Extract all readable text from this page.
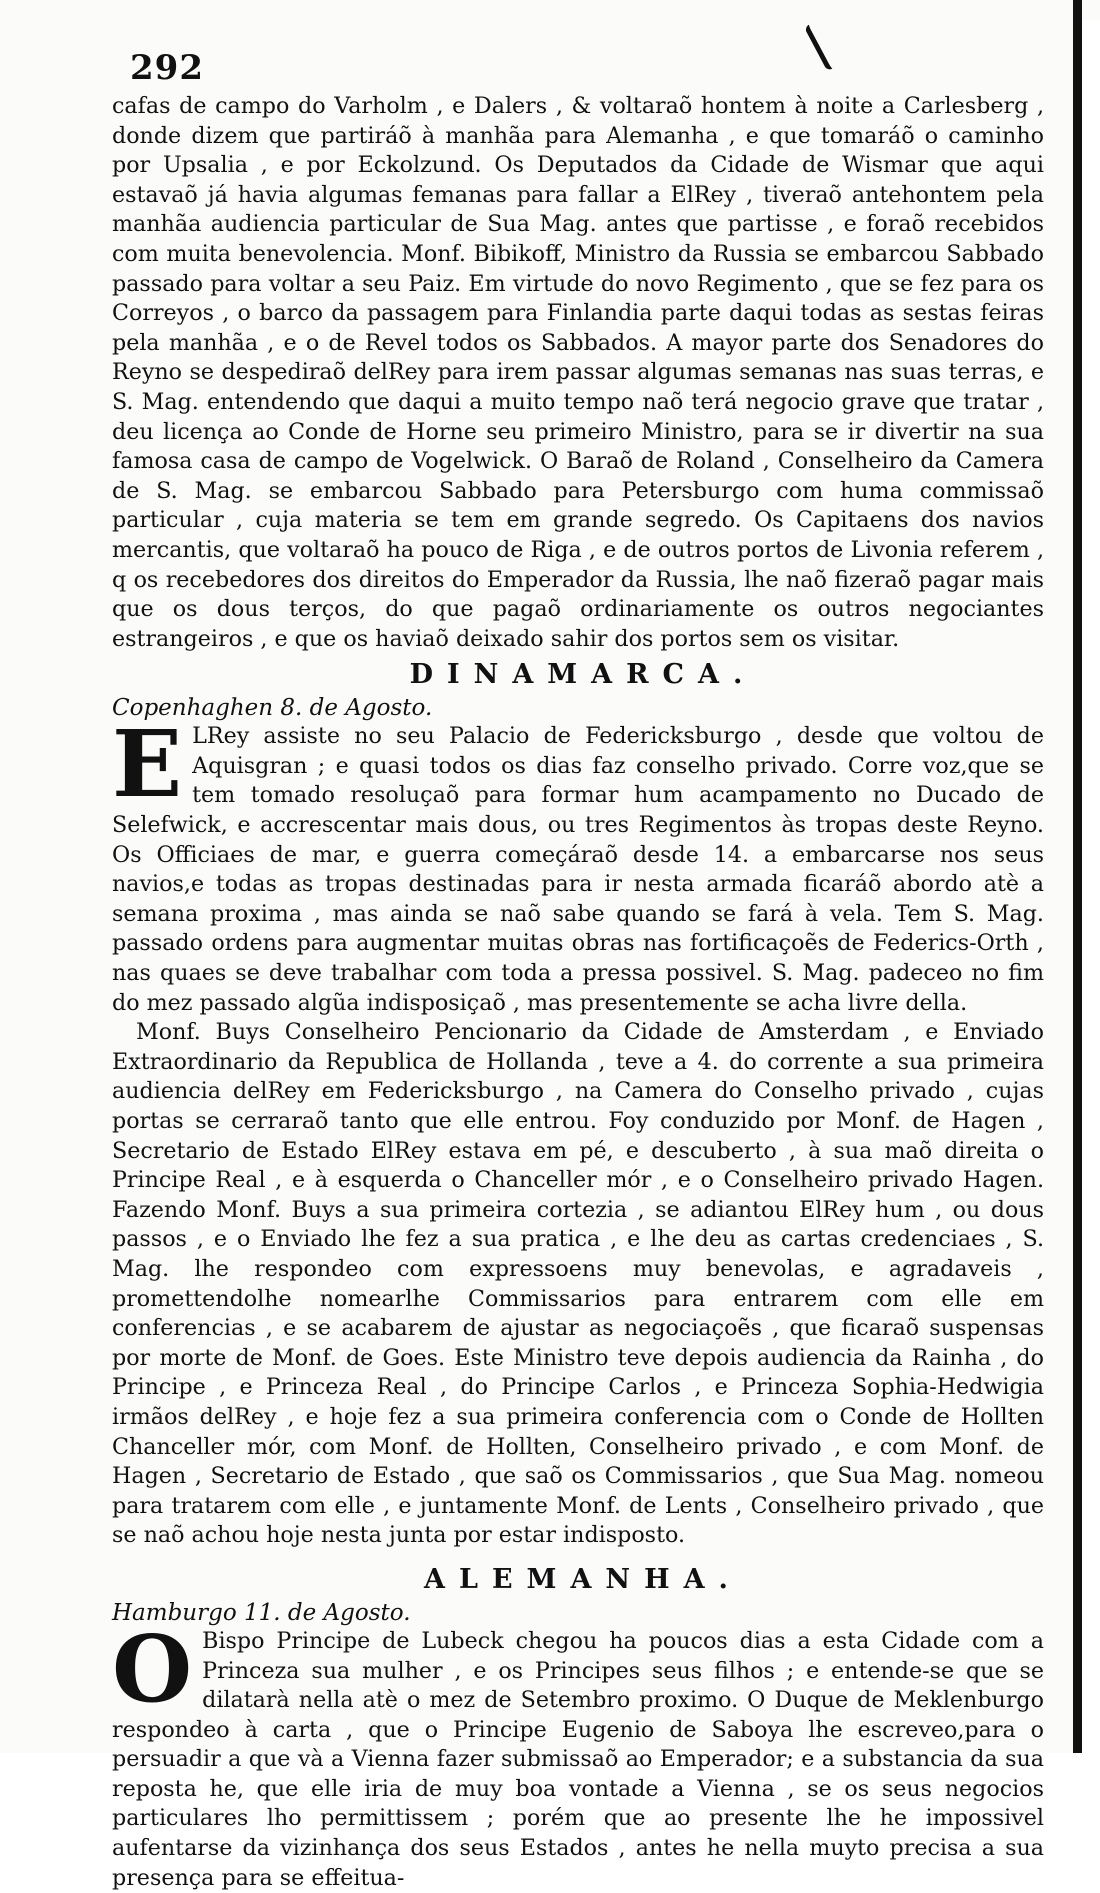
292

cafas de campo do Varholm , e Dalers , & voltaraõ hontem à noite a Carlesberg , donde dizem que partiráõ à manhãa para Alemanha , e que tomaráõ o caminho por Upsalia , e por Eckolzund. Os Deputados da Cidade de Wismar que aqui estavaõ já havia algumas femanas para fallar a ElRey , tiveraõ antehontem pela manhãa audiencia particular de Sua Mag. antes que partisse , e foraõ recebidos com muita benevolencia. Monf. Bibikoff, Ministro da Russia se embarcou Sabbado passado para voltar a seu Paiz. Em virtude do novo Regimento , que se fez para os Correyos , o barco da passagem para Finlandia parte daqui todas as sestas feiras pela manhãa , e o de Revel todos os Sabbados. A mayor parte dos Senadores do Reyno se despediraõ delRey para irem passar algumas semanas nas suas terras, e S. Mag. entendendo que daqui a muito tempo naõ terá negocio grave que tratar , deu licença ao Conde de Horne seu primeiro Ministro, para se ir divertir na sua famosa casa de campo de Vogelwick. O Baraõ de Roland , Conselheiro da Camera de S. Mag. se embarcou Sabbado para Petersburgo com huma commissaõ particular , cuja materia se tem em grande segredo. Os Capitaens dos navios mercantis, que voltaraõ ha pouco de Riga , e de outros portos de Livonia referem , q os recebedores dos direitos do Emperador da Russia, lhe naõ fizeraõ pagar mais que os dous terços, do que pagaõ ordinariamente os outros negociantes estrangeiros , e que os haviaõ deixado sahir dos portos sem os visitar.

DINAMARCA.

Copenhaghen 8. de Agosto.

E LRey assiste no seu Palacio de Federicksburgo , desde que voltou de Aquisgran ; e quasi todos os dias faz conselho privado. Corre voz,que se tem tomado resoluçaõ para formar hum acampamento no Ducado de Selefwick, e accrescentar mais dous, ou tres Regimentos às tropas deste Reyno. Os Officiaes de mar, e guerra começáraõ desde 14. a embarcarse nos seus navios,e todas as tropas destinadas para ir nesta armada ficaráõ abordo atè a semana proxima , mas ainda se naõ sabe quando se fará à vela. Tem S. Mag. passado ordens para augmentar muitas obras nas fortificaçoẽs de Federics-Orth , nas quaes se deve trabalhar com toda a pressa possivel. S. Mag. padeceo no fim do mez passado algũa indisposiçaõ , mas presentemente se acha livre della.

Monf. Buys Conselheiro Pencionario da Cidade de Amsterdam , e Enviado Extraordinario da Republica de Hollanda , teve a 4. do corrente a sua primeira audiencia delRey em Federicksburgo , na Camera do Conselho privado , cujas portas se cerraraõ tanto que elle entrou. Foy conduzido por Monf. de Hagen , Secretario de Estado ElRey estava em pé, e descuberto , à sua maõ direita o Principe Real , e à esquerda o Chanceller mór , e o Conselheiro privado Hagen. Fazendo Monf. Buys a sua primeira cortezia , se adiantou ElRey hum , ou dous passos , e o Enviado lhe fez a sua pratica , e lhe deu as cartas credenciaes , S. Mag. lhe respondeo com expressoens muy benevolas, e agradaveis , promettendolhe nomearlhe Commissarios para entrarem com elle em conferencias , e se acabarem de ajustar as negociaçoẽs , que ficaraõ suspensas por morte de Monf. de Goes. Este Ministro teve depois audiencia da Rainha , do Principe , e Princeza Real , do Principe Carlos , e Princeza Sophia-Hedwigia irmãos delRey , e hoje fez a sua primeira conferencia com o Conde de Hollten Chanceller mór, com Monf. de Hollten, Conselheiro privado , e com Monf. de Hagen , Secretario de Estado , que saõ os Commissarios , que Sua Mag. nomeou para tratarem com elle , e juntamente Monf. de Lents , Conselheiro privado , que se naõ achou hoje nesta junta por estar indisposto.

ALEMANHA.

Hamburgo 11. de Agosto.

O Bispo Principe de Lubeck chegou ha poucos dias a esta Cidade com a Princeza sua mulher , e os Principes seus filhos ; e entende-se que se dilatarà nella atè o mez de Setembro proximo. O Duque de Meklenburgo respondeo à carta , que o Principe Eugenio de Saboya lhe escreveo,para o persuadir a que và a Vienna fazer submissaõ ao Emperador; e a substancia da sua reposta he, que elle iria de muy boa vontade a Vienna , se os seus negocios particulares lho permittissem ; porém que ao presente lhe he impossivel aufentarse da vizinhança dos seus Estados , antes he nella muyto precisa a sua presença para se effeitua-
